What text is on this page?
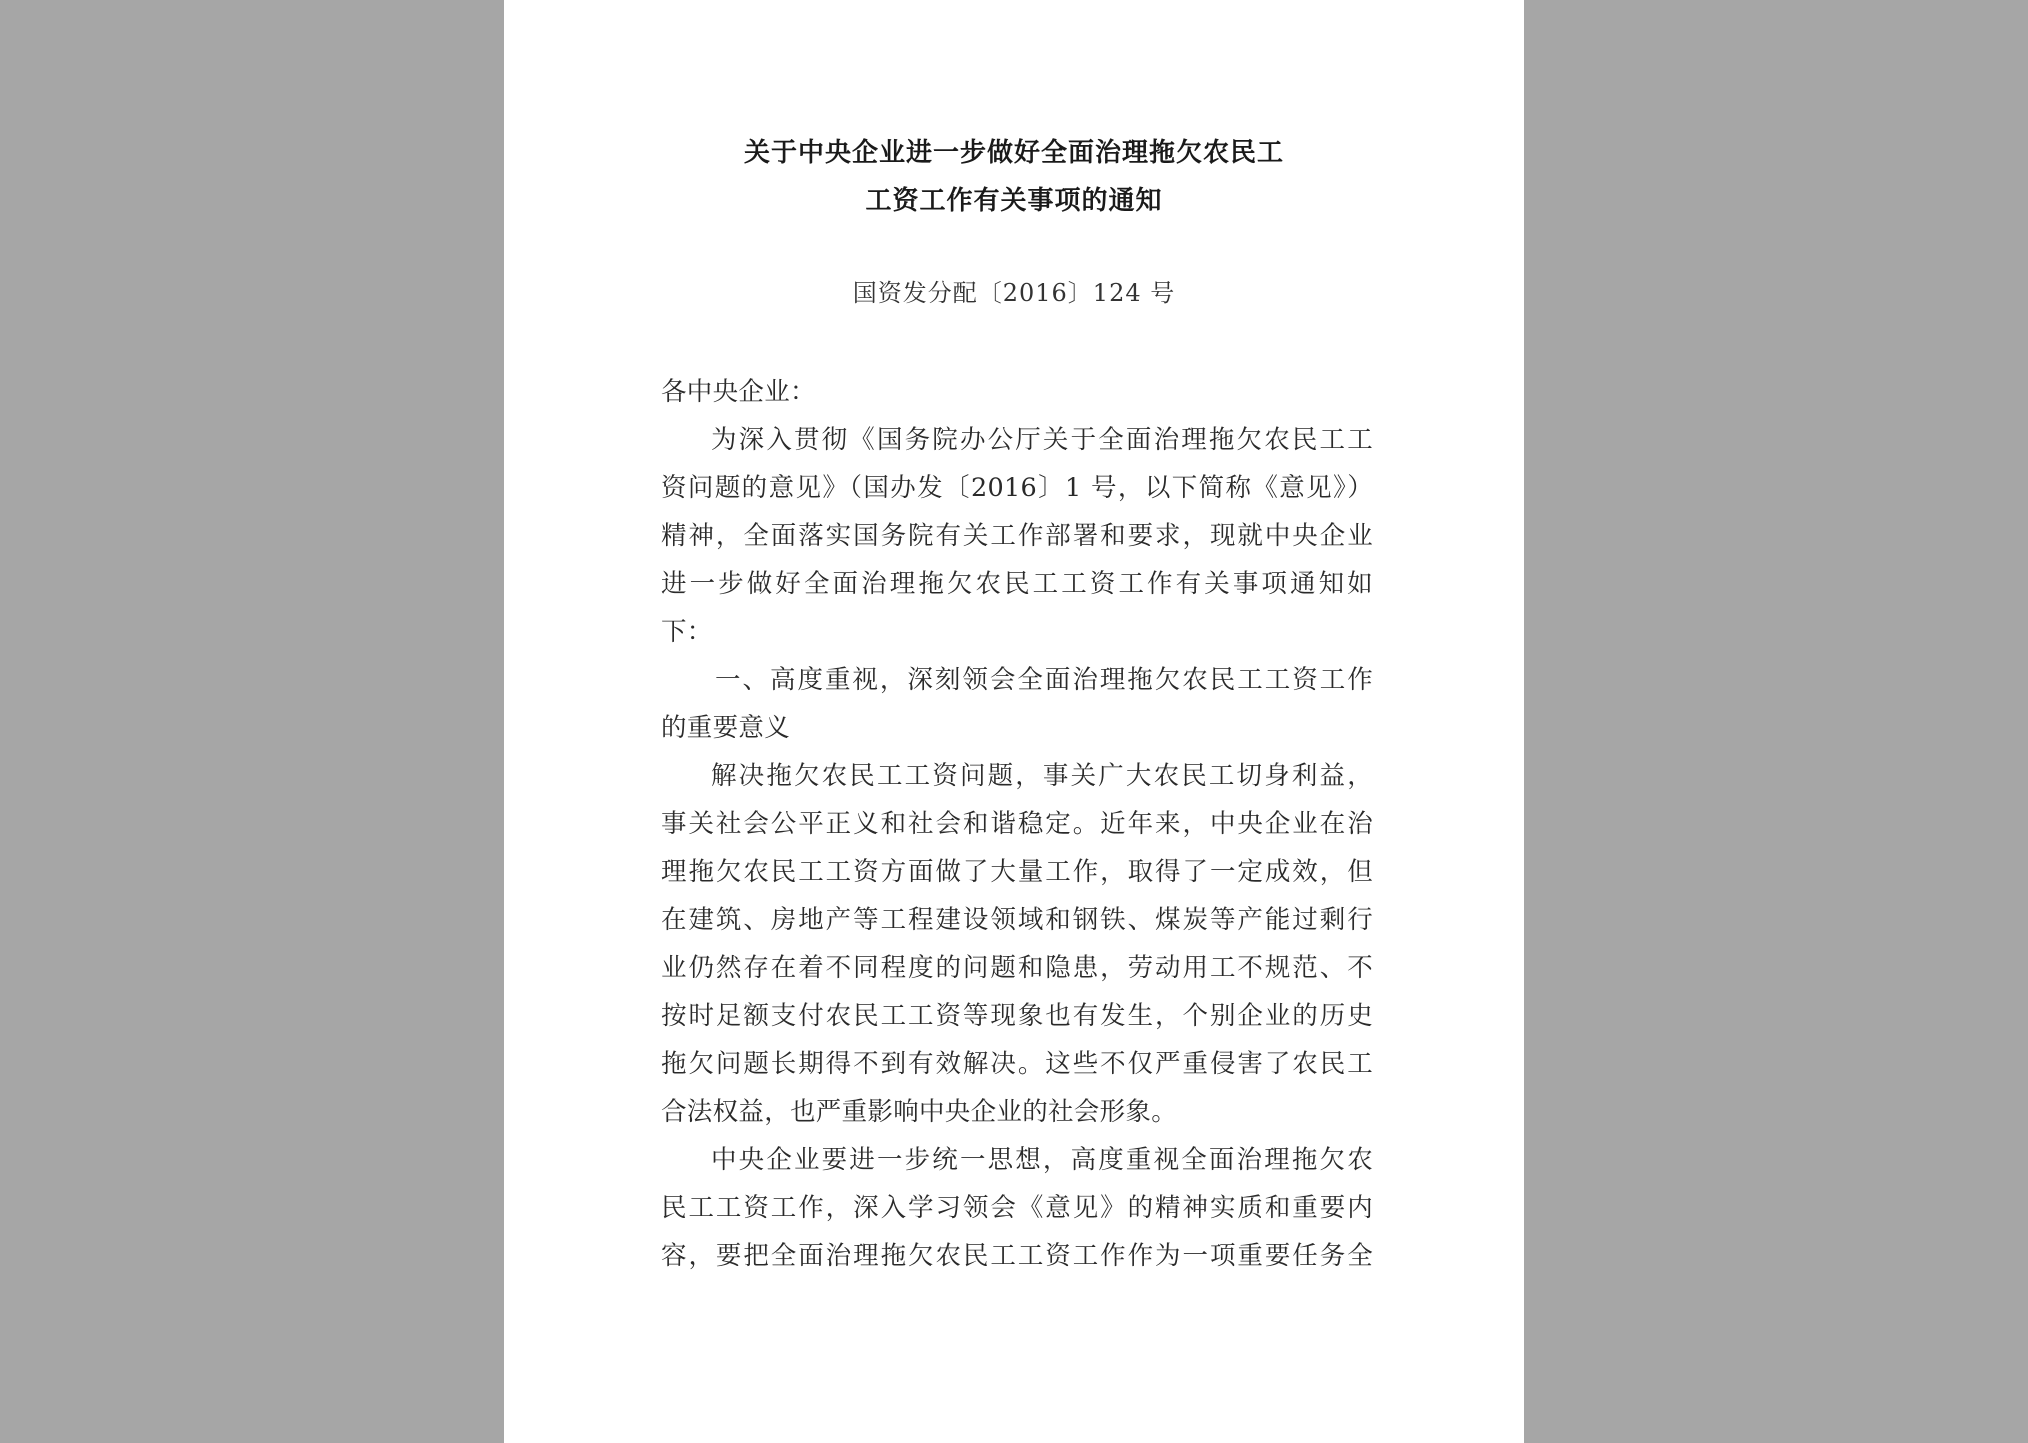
关于中央企业进一步做好全面治理拖欠农民工
工资工作有关事项的通知
国资发分配〔2016〕124 号
各中央企业：
为深入贯彻《国务院办公厅关于全面治理拖欠农民工工
资问题的意见》（国办发〔2016〕1 号，以下简称《意见》）
精神，全面落实国务院有关工作部署和要求，现就中央企业
进一步做好全面治理拖欠农民工工资工作有关事项通知如
下：
一、高度重视，深刻领会全面治理拖欠农民工工资工作
的重要意义
解决拖欠农民工工资问题，事关广大农民工切身利益，
事关社会公平正义和社会和谐稳定。近年来，中央企业在治
理拖欠农民工工资方面做了大量工作，取得了一定成效，但
在建筑、房地产等工程建设领域和钢铁、煤炭等产能过剩行
业仍然存在着不同程度的问题和隐患，劳动用工不规范、不
按时足额支付农民工工资等现象也有发生，个别企业的历史
拖欠问题长期得不到有效解决。这些不仅严重侵害了农民工
合法权益，也严重影响中央企业的社会形象。
中央企业要进一步统一思想，高度重视全面治理拖欠农
民工工资工作，深入学习领会《意见》的精神实质和重要内
容，要把全面治理拖欠农民工工资工作作为一项重要任务全
